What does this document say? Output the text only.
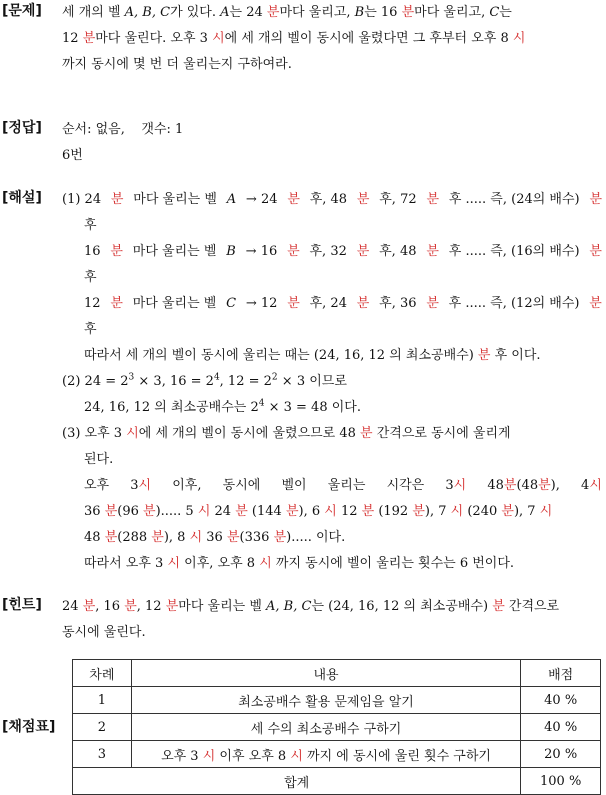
[문제] 세 개의 벨 A, B, C가 있다. A는 24 분마다 울리고, B는 16 분마다 울리고, C는
12 분마다 울린다. 오후 3 시에 세 개의 벨이 동시에 울렸다면 그 후부터 오후 8 시
까지 동시에 몇 번 더 울리는지 구하여라.
[정답] 순서: 없음,    갯수: 1
6번
[해설] (1) 24 분 마다 울리는 벨 A → 24 분 후, 48 분 후, 72 분 후 ..... 즉, (24의 배수) 분
후
16 분 마다 울리는 벨 B → 16 분 후, 32 분 후, 48 분 후 ..... 즉, (16의 배수) 분
후
12 분 마다 울리는 벨 C → 12 분 후, 24 분 후, 36 분 후 ..... 즉, (12의 배수) 분
후
따라서 세 개의 벨이 동시에 울리는 때는 (24, 16, 12 의 최소공배수) 분 후 이다.
(2) $24 = 2^3 \times 3$, $16 = 2^4$, $12 = 2^2 \times 3$ 이므로
24, 16, 12 의 최소공배수는 $2^4 \times 3 = 48$ 이다.
(3) 오후 3 시에 세 개의 벨이 동시에 울렸으므로 48 분 간격으로 동시에 울리게
된다.
오후 3시 이후, 동시에 벨이 울리는 시각은 3시 48분(48분), 4시
36 분(96 분)..... 5 시 24 분 (144 분), 6 시 12 분 (192 분), 7 시 (240 분), 7 시
48 분(288 분), 8 시 36 분(336 분)..... 이다.
따라서 오후 3 시 이후, 오후 8 시 까지 동시에 벨이 울리는 횟수는 6 번이다.
[힌트] 24 분, 16 분, 12 분마다 울리는 벨 A, B, C는 (24, 16, 12 의 최소공배수) 분 간격으로
동시에 울린다.
[채점표]
차례	내용	배점
1	최소공배수 활용 문제임을 알기	40 %
2	세 수의 최소공배수 구하기	40 %
3	오후 3 시 이후 오후 8 시 까지 에 동시에 울린 횟수 구하기	20 %
합계		100 %
